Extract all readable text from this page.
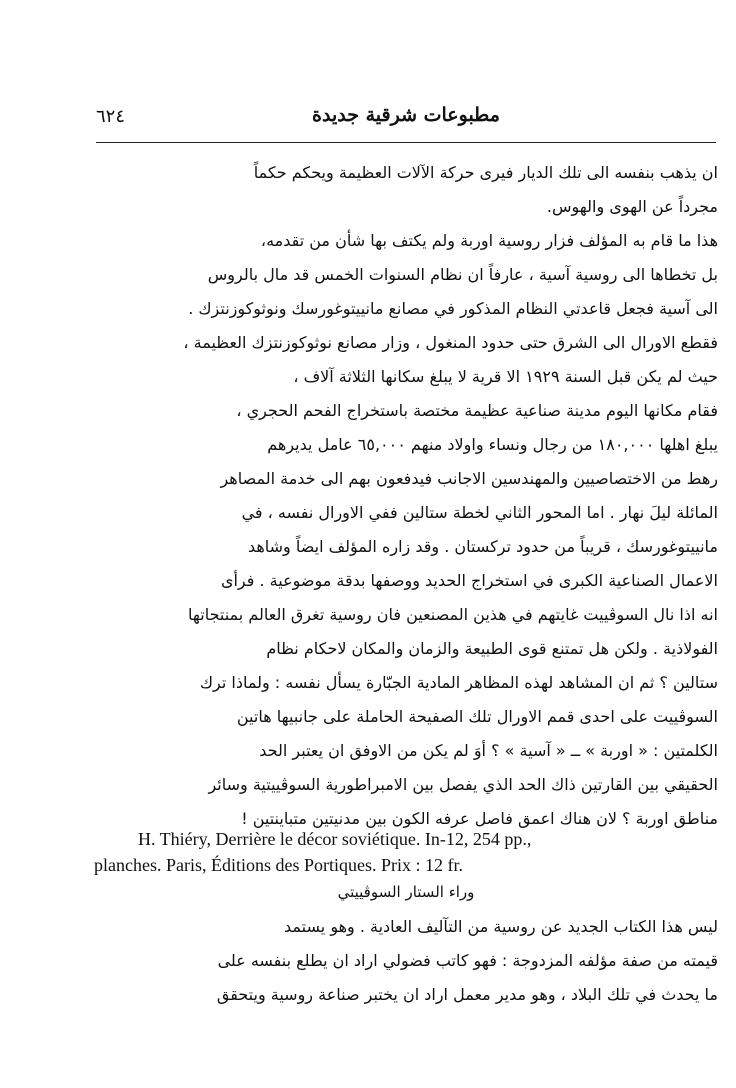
٦٢٤	مطبوعات شرقية جديدة
ان يذهب بنفسه الى تلك الديار فيرى حركة الآلات العظيمة ويحكم حكماً
مجرداً عن الهوى والهوس.
هذا ما قام به المؤلف فزار روسية اوربة ولم يكتف بها شأن من تقدمه،
بل تخطاها الى روسية آسية ، عارفاً ان نظام السنوات الخمس قد مال بالروس
الى آسية فجعل قاعدتي النظام المذكور في مصانع مانييتوغورسك ونوثوكوزنتزك .
فقطع الاورال الى الشرق حتى حدود المنغول ، وزار مصانع نوثوكوزنتزك العظيمة ،
حيث لم يكن قبل السنة ١٩٢٩ الا قرية لا يبلغ سكانها الثلاثة آلاف ،
فقام مكانها اليوم مدينة صناعية عظيمة مختصة باستخراج الفحم الحجري ،
يبلغ اهلها ١٨٠,٠٠٠ من رجال ونساء واولاد منهم ٦٥,٠٠٠ عامل يديرهم
رهط من الاختصاصيين والمهندسين الاجانب فيدفعون بهم الى خدمة المصاهر
المائلة ليلَ نهار . اما المحور الثاني لخطة ستالين ففي الاورال نفسه ، في
مانييتوغورسك ، قريباً من حدود تركستان . وقد زاره المؤلف ايضاً وشاهد
الاعمال الصناعية الكبرى في استخراج الحديد ووصفها بدقة موضوعية . فرأى
انه اذا نال السوڤييت غايتهم في هذين المصنعين فان روسية تغرق العالم بمنتجاتها
الفولاذية . ولكن هل تمتنع قوى الطبيعة والزمان والمكان لاحكام نظام
ستالين ؟ ثم ان المشاهد لهذه المظاهر المادية الجبّارة يسأل نفسه : ولماذا ترك
السوڤييت على احدى قمم الاورال تلك الصفيحة الحاملة على جانبيها هاتين
الكلمتين : « اوربة » ــ « آسية » ؟ أوَ لم يكن من الاوفق ان يعتبر الحد
الحقيقي بين القارتين ذاك الحد الذي يفصل بين الامبراطورية السوڤييتية وسائر
مناطق اوربة ؟ لان هناك اعمق فاصل عرفه الكون بين مدنيتين متباينتين !
H. Thiéry, Derrière le décor soviétique. In-12, 254 pp.,
planches. Paris, Éditions des Portiques. Prix : 12 fr.
وراء الستار السوڤييتي
ليس هذا الكتاب الجديد عن روسية من التآليف العادية . وهو يستمد
قيمته من صفة مؤلفه المزدوجة : فهو كاتب فضولي اراد ان يطلع بنفسه على
ما يحدث في تلك البلاد ، وهو مدير معمل اراد ان يختبر صناعة روسية ويتحقق
